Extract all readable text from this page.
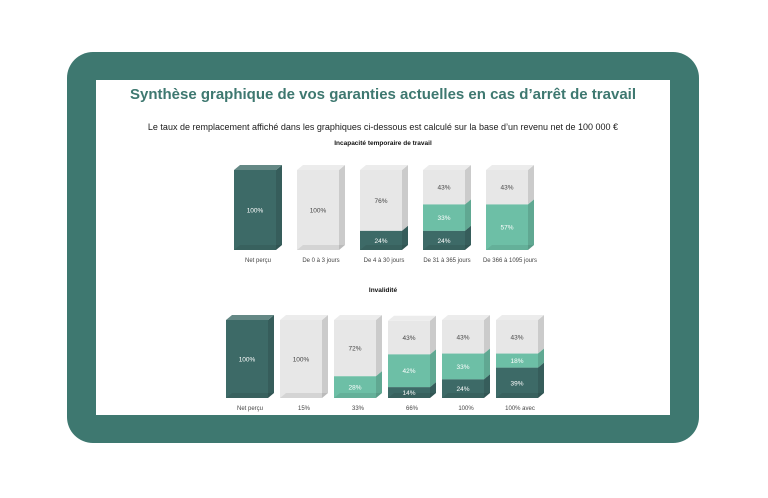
Synthèse graphique de vos garanties actuelles en cas d’arrêt de travail
Le taux de remplacement affiché dans les graphiques ci-dessous est calculé sur la base d’un revenu net de 100 000 €
Incapacité temporaire de travail
100%
Net perçu
100%
De 0 à 3 jours
24%
76%
De 4 à 30 jours
24%
33%
43%
De 31 à 365 jours
57%
43%
De 366 à 1095 jours
Invalidité
100%
Net perçu
100%
15%
28%
72%
33%
42%
43%
66%
24%
33%
43%
100%
39%
18%
43%
100% avec
